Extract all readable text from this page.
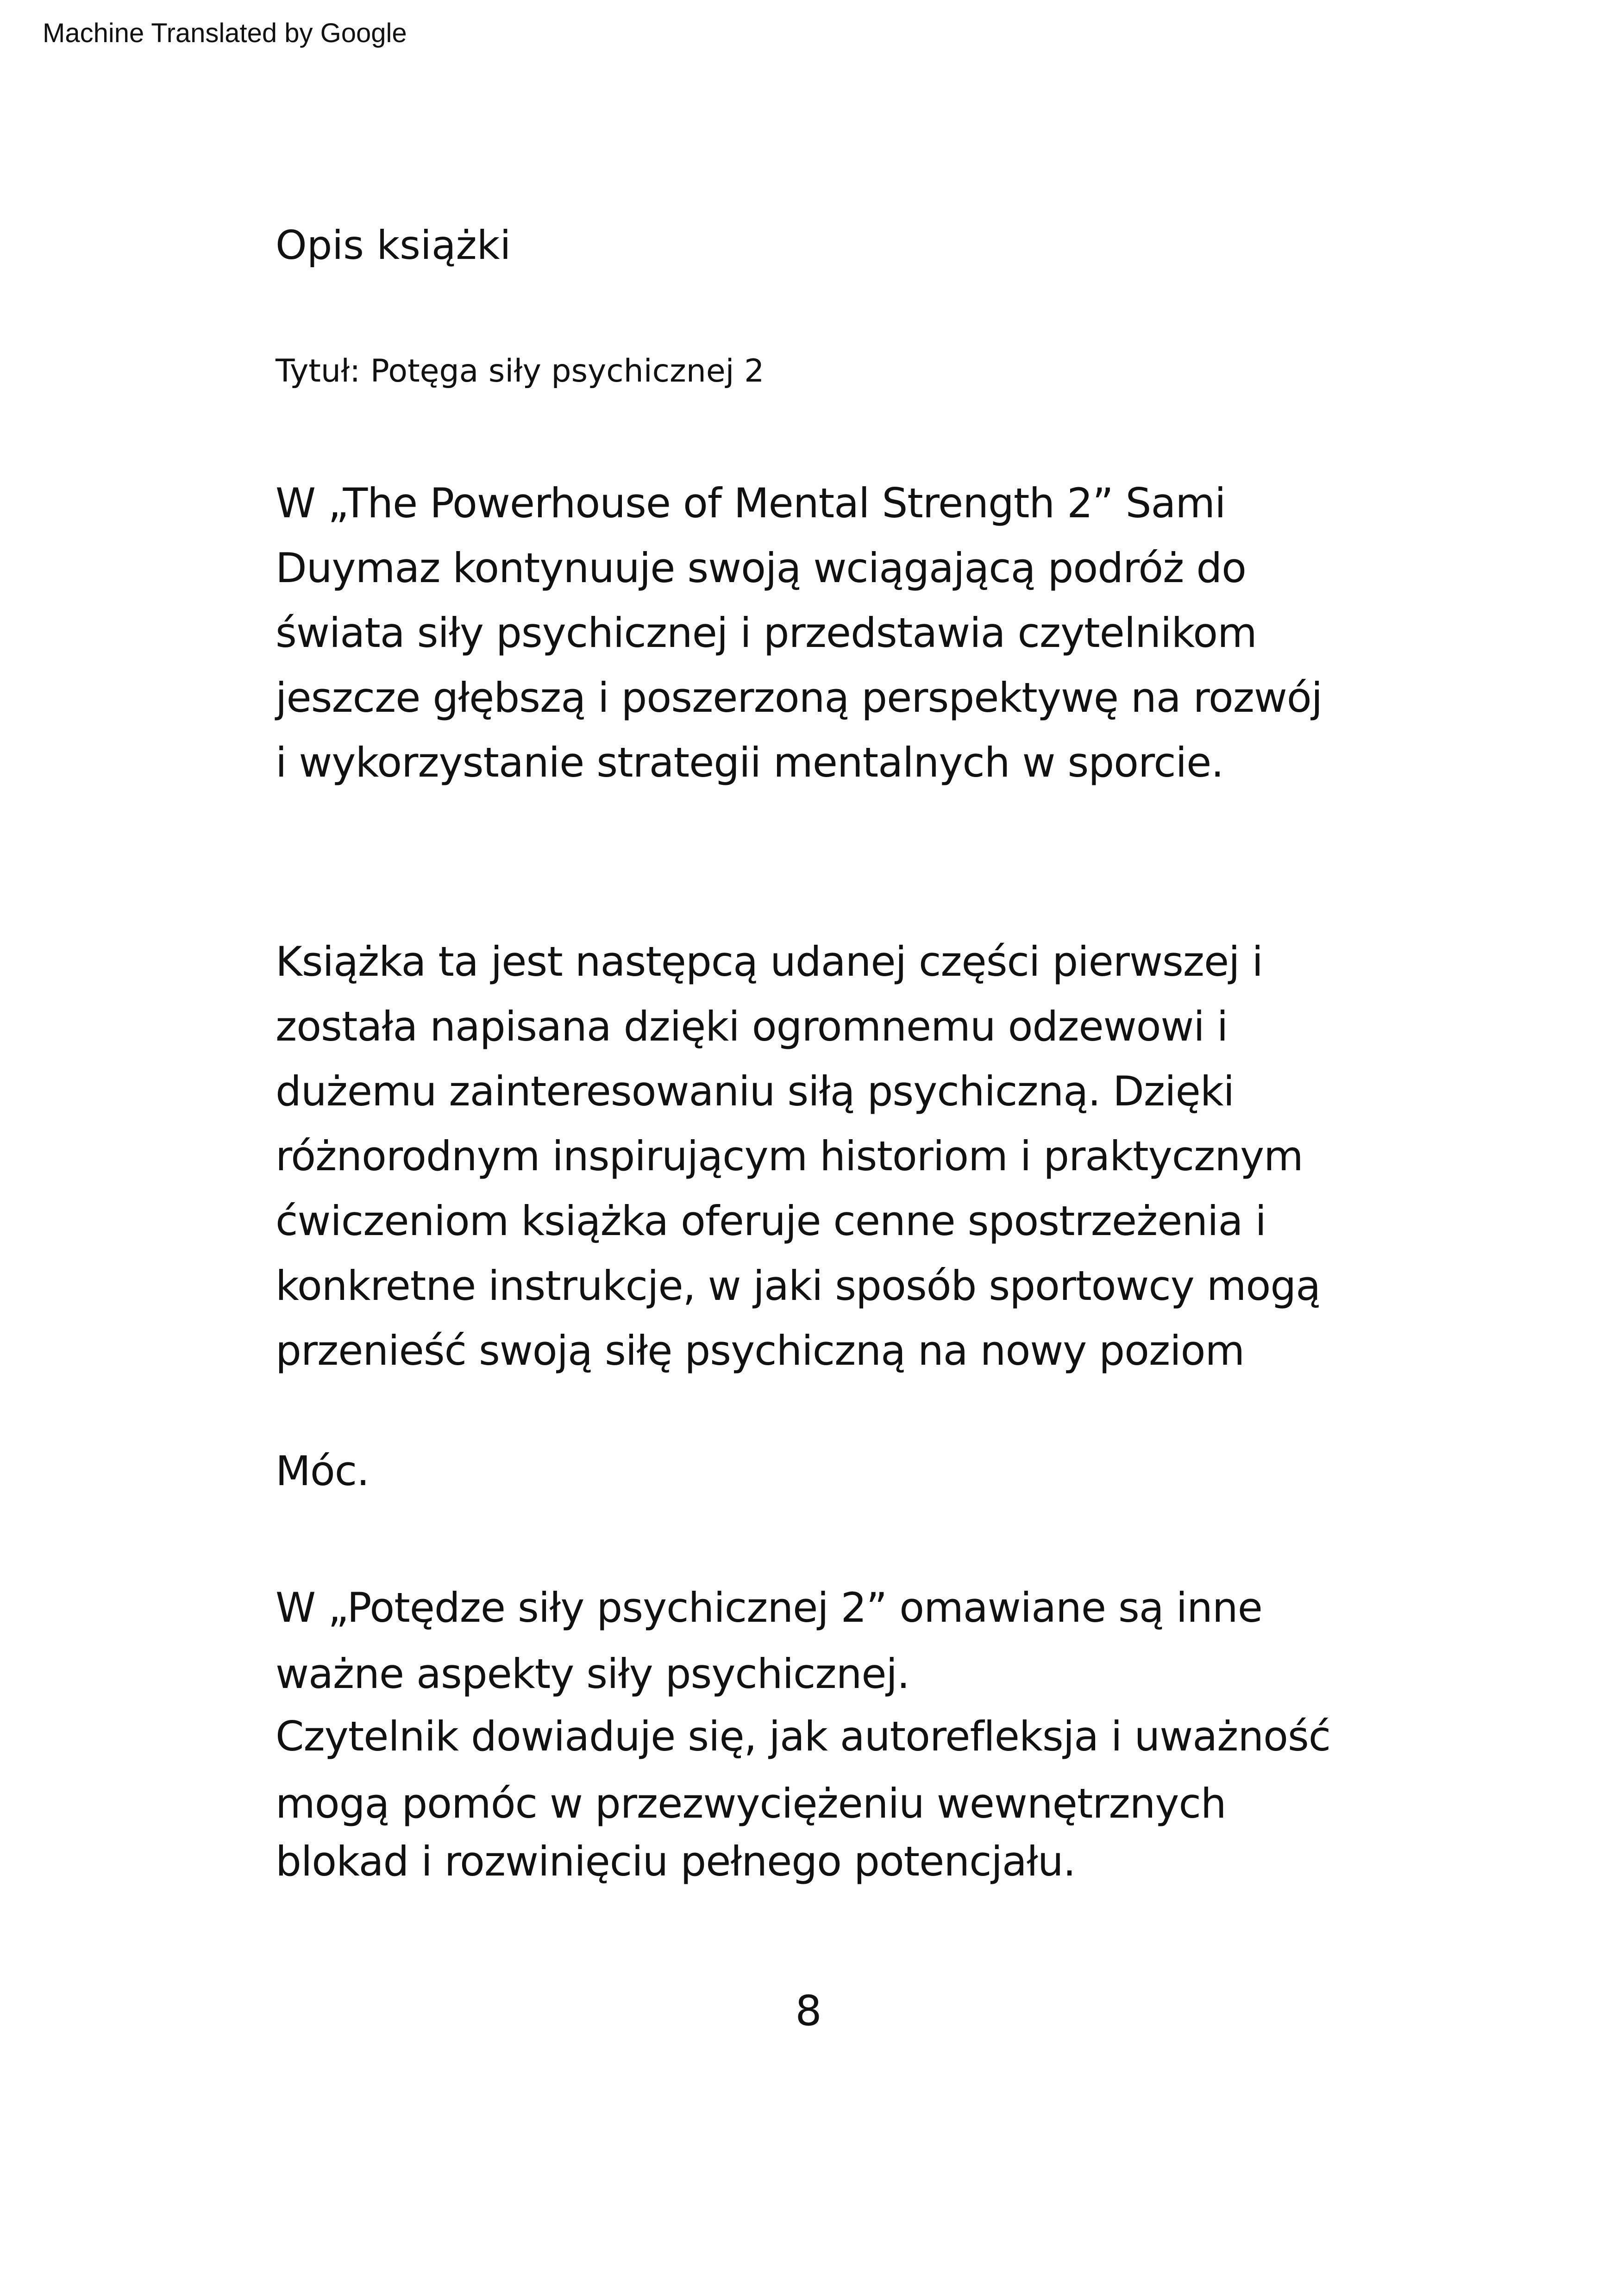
Machine Translated by Google
Opis książki
Tytuł: Potęga siły psychicznej 2
W „The Powerhouse of Mental Strength 2” Sami
Duymaz kontynuuje swoją wciągającą podróż do
świata siły psychicznej i przedstawia czytelnikom
jeszcze głębszą i poszerzoną perspektywę na rozwój
i wykorzystanie strategii mentalnych w sporcie.
Książka ta jest następcą udanej części pierwszej i
została napisana dzięki ogromnemu odzewowi i
dużemu zainteresowaniu siłą psychiczną. Dzięki
różnorodnym inspirującym historiom i praktycznym
ćwiczeniom książka oferuje cenne spostrzeżenia i
konkretne instrukcje, w jaki sposób sportowcy mogą
przenieść swoją siłę psychiczną na nowy poziom
Móc.
W „Potędze siły psychicznej 2” omawiane są inne
ważne aspekty siły psychicznej.
Czytelnik dowiaduje się, jak autorefleksja i uważność
mogą pomóc w przezwyciężeniu wewnętrznych
blokad i rozwinięciu pełnego potencjału.
8
